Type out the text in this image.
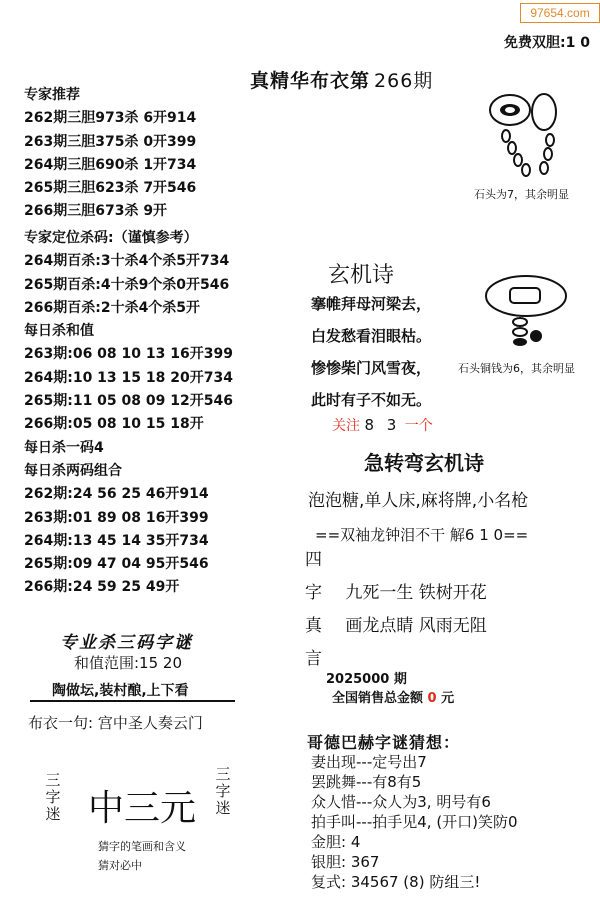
97654.com
免费双胆:1 0
真精华布衣第 266期
专家推荐
262期三胆973杀 6开914
263期三胆375杀 0开399
264期三胆690杀 1开734
265期三胆623杀 7开546
266期三胆673杀 9开
专家定位杀码:（谨慎参考）
264期百杀:3十杀4个杀5开734
265期百杀:4十杀9个杀0开546
266期百杀:2十杀4个杀5开
每日杀和值
263期:06 08 10 13 16开399
264期:10 13 15 18 20开734
265期:11 05 08 09 12开546
266期:05 08 10 15 18开
每日杀一码4
每日杀两码组合
262期:24 56 25 46开914
263期:01 89 08 16开399
264期:13 45 14 35开734
265期:09 47 04 95开546
266期:24 59 25 49开
专业杀三码字谜
和值范围:15 20
陶做坛,装村酿,上下看
布衣一句: 宫中圣人奏云门
三字迷 中三元
三字迷
猜字的笔画和含义
猜对必中
石头为7，其余明显
石头铜钱为6，其余明显
玄机诗
搴帷拜母河梁去，
白发愁看泪眼枯。
惨惨柴门风雪夜，
此时有子不如无。
关注 8 3 一个
急转弯玄机诗
泡泡糖,单人床,麻将牌,小名枪
==双袖龙钟泪不干 解6 1 0==
四
字 九死一生 铁树开花
真 画龙点睛 风雨无阻
言
2025000 期
全国销售总金额 0 元
哥德巴赫字谜猜想：
妻出现---定号出7
罢跳舞---有8有5
众人惜---众人为3, 明号有6
拍手叫---拍手见4, (开口)笑防0
金胆: 4
银胆: 367
复式: 34567 (8) 防组三!
